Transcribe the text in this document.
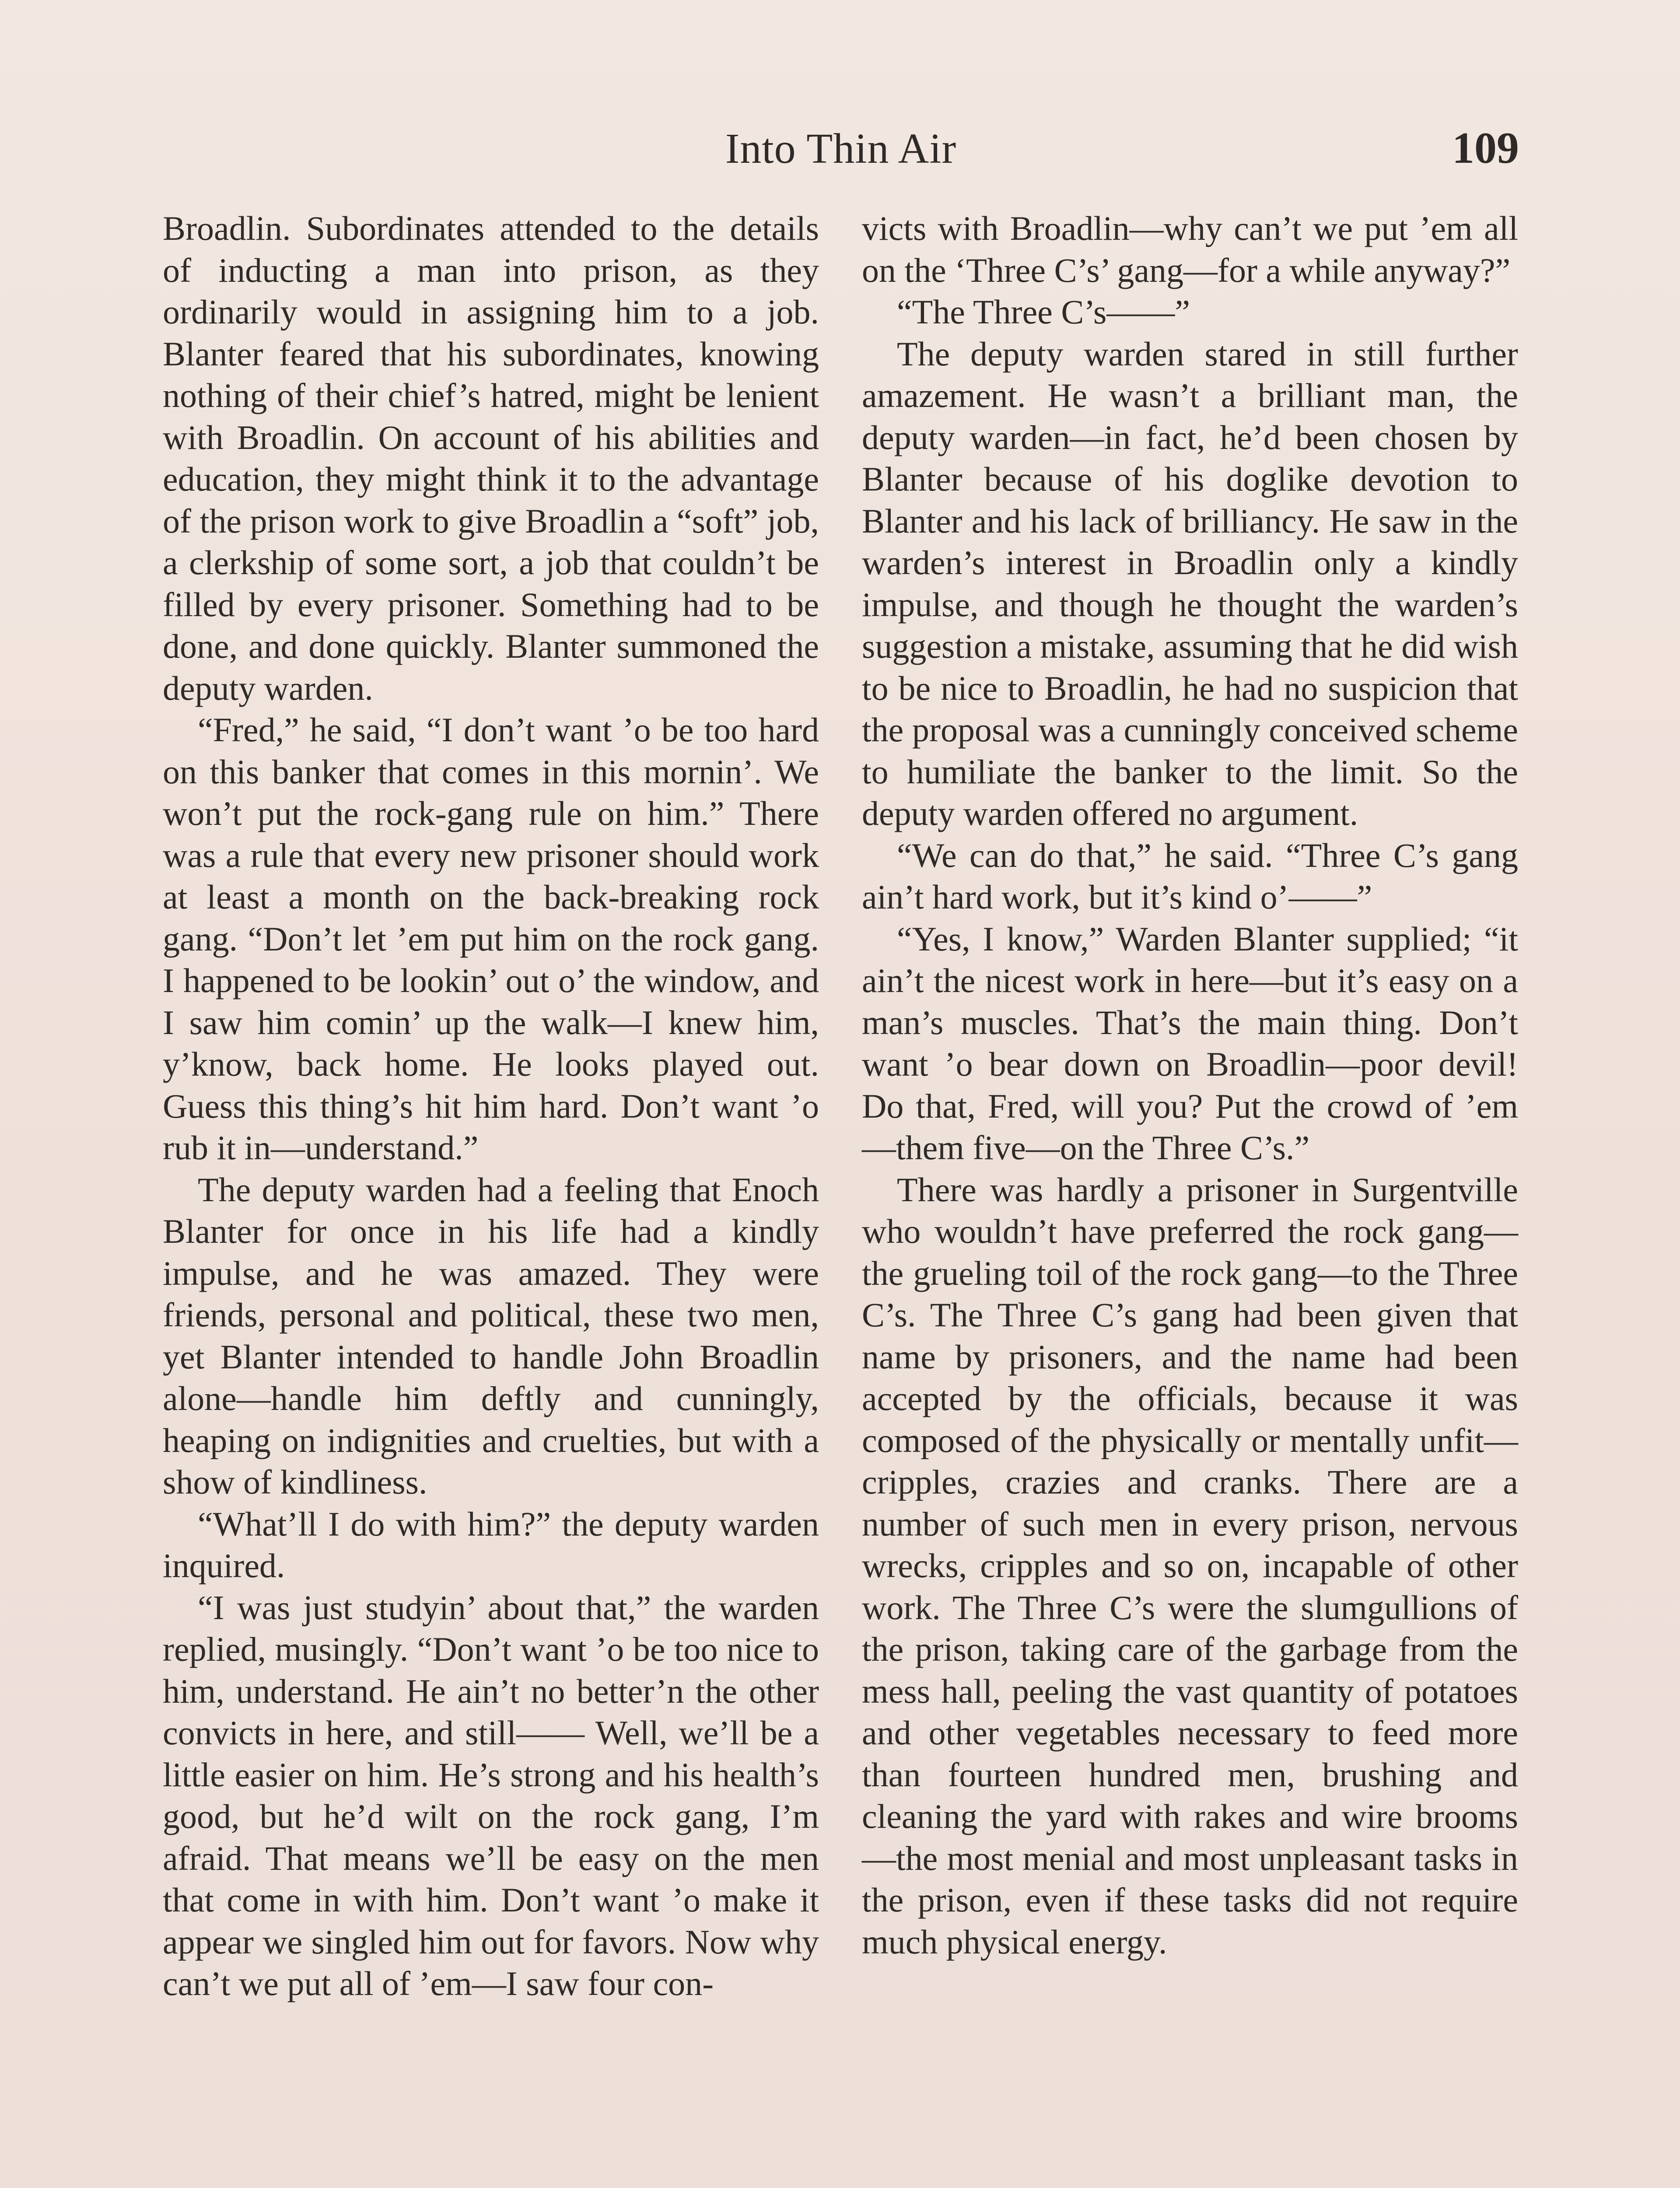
Into Thin Air	109

Broadlin. Subordinates attended to the details of inducting a man into prison, as they ordinarily would in assigning him to a job. Blanter feared that his subordinates, knowing nothing of their chief’s hatred, might be lenient with Broadlin. On account of his abilities and education, they might think it to the advantage of the prison work to give Broadlin a “soft” job, a clerkship of some sort, a job that couldn’t be filled by every prisoner. Something had to be done, and done quickly. Blanter summoned the deputy warden.

“Fred,” he said, “I don’t want ’o be too hard on this banker that comes in this mornin’. We won’t put the rock-gang rule on him.” There was a rule that every new prisoner should work at least a month on the back-breaking rock gang. “Don’t let ’em put him on the rock gang. I happened to be lookin’ out o’ the window, and I saw him comin’ up the walk—I knew him, y’know, back home. He looks played out. Guess this thing’s hit him hard. Don’t want ’o rub it in—understand.”

The deputy warden had a feeling that Enoch Blanter for once in his life had a kindly impulse, and he was amazed. They were friends, personal and political, these two men, yet Blanter intended to handle John Broadlin alone—handle him deftly and cunningly, heaping on indignities and cruelties, but with a show of kindliness.

“What’ll I do with him?” the deputy warden inquired.

“I was just studyin’ about that,” the warden replied, musingly. “Don’t want ’o be too nice to him, understand. He ain’t no better’n the other convicts in here, and still—— Well, we’ll be a little easier on him. He’s strong and his health’s good, but he’d wilt on the rock gang, I’m afraid. That means we’ll be easy on the men that come in with him. Don’t want ’o make it appear we singled him out for favors. Now why can’t we put all of ’em—I saw four con-

victs with Broadlin—why can’t we put ’em all on the ‘Three C’s’ gang—for a while anyway?”

“The Three C’s——”

The deputy warden stared in still further amazement. He wasn’t a brilliant man, the deputy warden—in fact, he’d been chosen by Blanter because of his doglike devotion to Blanter and his lack of brilliancy. He saw in the warden’s interest in Broadlin only a kindly impulse, and though he thought the warden’s suggestion a mistake, assuming that he did wish to be nice to Broadlin, he had no suspicion that the proposal was a cunningly conceived scheme to humiliate the banker to the limit. So the deputy warden offered no argument.

“We can do that,” he said. “Three C’s gang ain’t hard work, but it’s kind o’——”

“Yes, I know,” Warden Blanter supplied; “it ain’t the nicest work in here—but it’s easy on a man’s muscles. That’s the main thing. Don’t want ’o bear down on Broadlin—poor devil! Do that, Fred, will you? Put the crowd of ’em—them five—on the Three C’s.”

There was hardly a prisoner in Surgentville who wouldn’t have preferred the rock gang—the grueling toil of the rock gang—to the Three C’s. The Three C’s gang had been given that name by prisoners, and the name had been accepted by the officials, because it was composed of the physically or mentally unfit—cripples, crazies and cranks. There are a number of such men in every prison, nervous wrecks, cripples and so on, incapable of other work. The Three C’s were the slumgullions of the prison, taking care of the garbage from the mess hall, peeling the vast quantity of potatoes and other vegetables necessary to feed more than fourteen hundred men, brushing and cleaning the yard with rakes and wire brooms —the most menial and most unpleasant tasks in the prison, even if these tasks did not require much physical energy.
